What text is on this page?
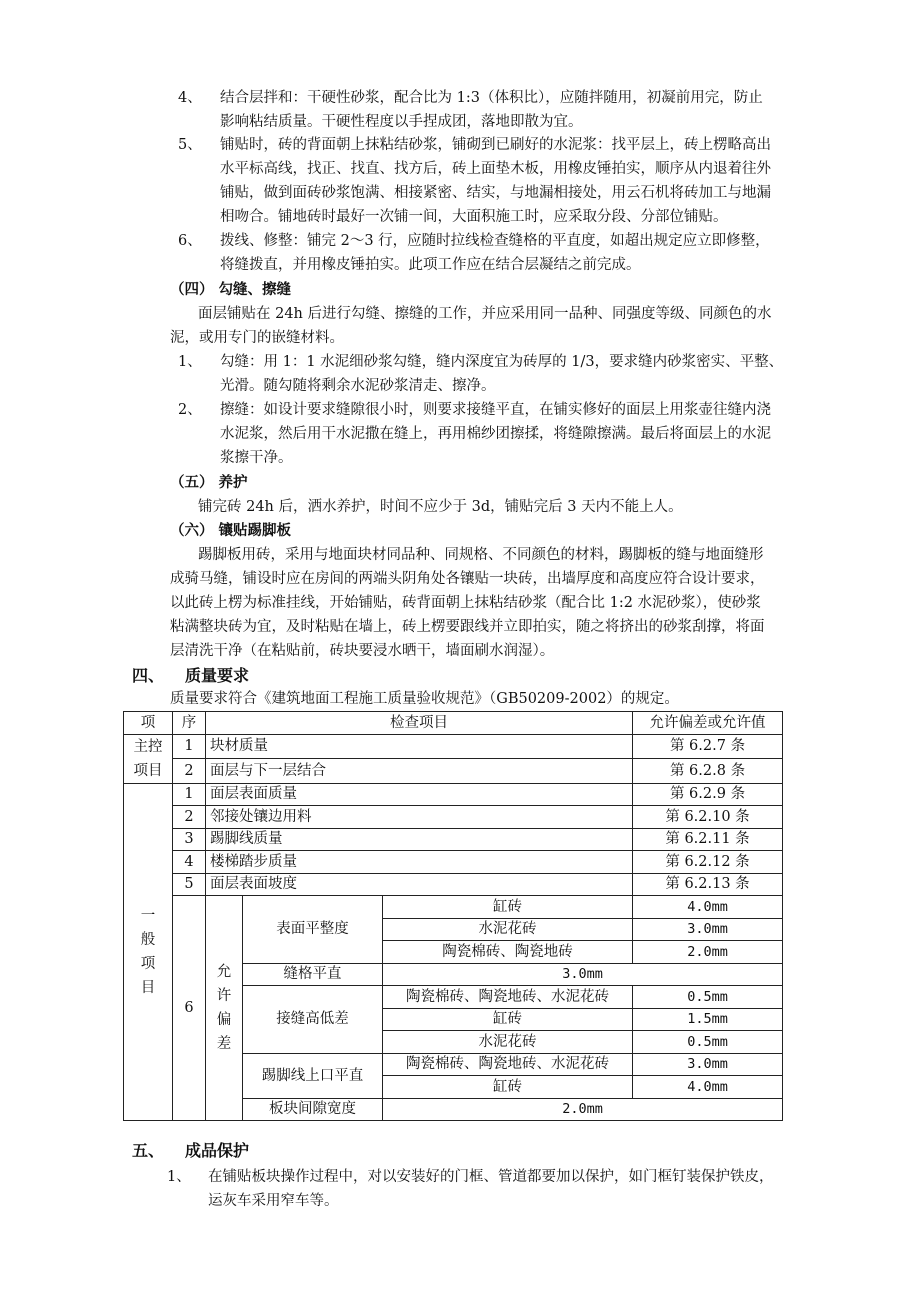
4、 结合层拌和：干硬性砂浆，配合比为 1:3（体积比），应随拌随用，初凝前用完，防止
影响粘结质量。干硬性程度以手捏成团，落地即散为宜。
5、 铺贴时，砖的背面朝上抹粘结砂浆，铺砌到已刷好的水泥浆：找平层上，砖上楞略高出
水平标高线，找正、找直、找方后，砖上面垫木板，用橡皮锤拍实，顺序从内退着往外
铺贴，做到面砖砂浆饱满、相接紧密、结实，与地漏相接处，用云石机将砖加工与地漏
相吻合。铺地砖时最好一次铺一间，大面积施工时，应采取分段、分部位铺贴。
6、 拨线、修整：铺完 2～3 行，应随时拉线检查缝格的平直度，如超出规定应立即修整，
将缝拨直，并用橡皮锤拍实。此项工作应在结合层凝结之前完成。
（四） 勾缝、擦缝
面层铺贴在 24h 后进行勾缝、擦缝的工作，并应采用同一品种、同强度等级、同颜色的水
泥，或用专门的嵌缝材料。
1、 勾缝：用 1：1 水泥细砂浆勾缝，缝内深度宜为砖厚的 1/3，要求缝内砂浆密实、平整、
光滑。随勾随将剩余水泥砂浆清走、擦净。
2、 擦缝：如设计要求缝隙很小时，则要求接缝平直，在铺实修好的面层上用浆壶往缝内浇
水泥浆，然后用干水泥撒在缝上，再用棉纱团擦揉，将缝隙擦满。最后将面层上的水泥
浆擦干净。
（五） 养护
铺完砖 24h 后，洒水养护，时间不应少于 3d，铺贴完后 3 天内不能上人。
（六） 镶贴踢脚板
踢脚板用砖，采用与地面块材同品种、同规格、不同颜色的材料，踢脚板的缝与地面缝形
成骑马缝，铺设时应在房间的两端头阴角处各镶贴一块砖，出墙厚度和高度应符合设计要求，
以此砖上楞为标准挂线，开始铺贴，砖背面朝上抹粘结砂浆（配合比 1:2 水泥砂浆），使砂浆
粘满整块砖为宜，及时粘贴在墙上，砖上楞要跟线并立即拍实，随之将挤出的砂浆刮撑，将面
层清洗干净（在粘贴前，砖块要浸水晒干，墙面刷水润湿）。
四、 质量要求
质量要求符合《建筑地面工程施工质量验收规范》（GB50209-2002）的规定。
项	序	检查项目			允许偏差或允许值
主控项目	1	块材质量			第 6.2.7 条
	2	面层与下一层结合			第 6.2.8 条
一般项目	1	面层表面质量			第 6.2.9 条
	2	邻接处镶边用料			第 6.2.10 条
	3	踢脚线质量			第 6.2.11 条
	4	楼梯踏步质量			第 6.2.12 条
	5	面层表面坡度			第 6.2.13 条
	6	允许偏差	表面平整度	缸砖	4.0mm
				水泥花砖	3.0mm
				陶瓷棉砖、陶瓷地砖	2.0mm
			缝格平直	3.0mm	
			接缝高低差	陶瓷棉砖、陶瓷地砖、水泥花砖	0.5mm
				缸砖	1.5mm
				水泥花砖	0.5mm
			踢脚线上口平直	陶瓷棉砖、陶瓷地砖、水泥花砖	3.0mm
				缸砖	4.0mm
			板块间隙宽度	2.0mm	
五、 成品保护
1、 在铺贴板块操作过程中，对以安装好的门框、管道都要加以保护，如门框钉装保护铁皮，
运灰车采用窄车等。
